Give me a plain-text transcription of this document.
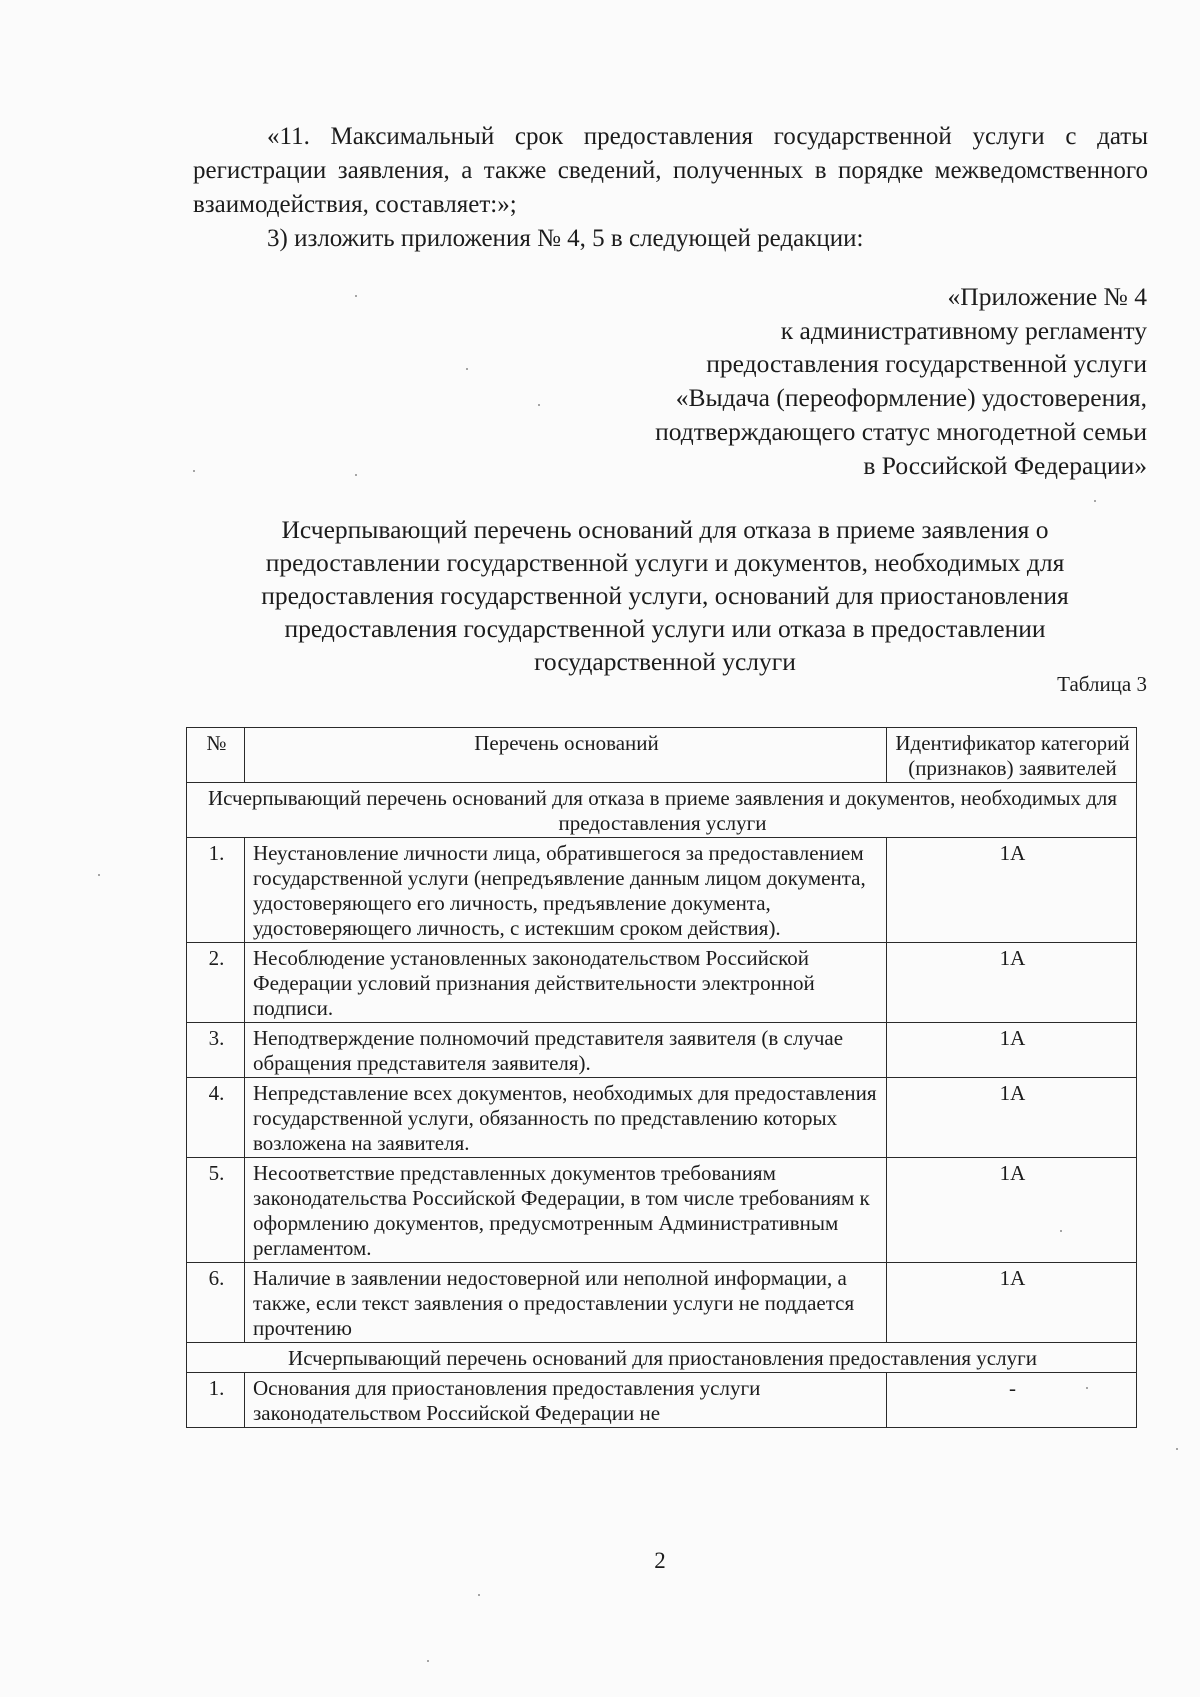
«11. Максимальный срок предоставления государственной услуги с даты регистрации заявления, а также сведений, полученных в порядке межведомственного взаимодействия, составляет:»;
3) изложить приложения № 4, 5 в следующей редакции:
«Приложение № 4
к административному регламенту
предоставления государственной услуги
«Выдача (переоформление) удостоверения,
подтверждающего статус многодетной семьи
в Российской Федерации»
Исчерпывающий перечень оснований для отказа в приеме заявления о
предоставлении государственной услуги и документов, необходимых для
предоставления государственной услуги, оснований для приостановления
предоставления государственной услуги или отказа в предоставлении
государственной услуги
Таблица 3
№	Перечень оснований	Идентификатор категорий (признаков) заявителей
Исчерпывающий перечень оснований для отказа в приеме заявления и документов, необходимых для предоставления услуги		
1.	Неустановление личности лица, обратившегося за предоставлением государственной услуги (непредъявление данным лицом документа, удостоверяющего его личность, предъявление документа, удостоверяющего личность, с истекшим сроком действия).	1А
2.	Несоблюдение установленных законодательством Российской Федерации условий признания действительности электронной подписи.	1А
3.	Неподтверждение полномочий представителя заявителя (в случае обращения представителя заявителя).	1А
4.	Непредставление всех документов, необходимых для предоставления государственной услуги, обязанность по представлению которых возложена на заявителя.	1А
5.	Несоответствие представленных документов требованиям законодательства Российской Федерации, в том числе требованиям к оформлению документов, предусмотренным Административным регламентом.	1А
6.	Наличие в заявлении недостоверной или неполной информации, а также, если текст заявления о предоставлении услуги не поддается прочтению	1А
Исчерпывающий перечень оснований для приостановления предоставления услуги		
1.	Основания для приостановления предоставления услуги законодательством Российской Федерации не	-
2
